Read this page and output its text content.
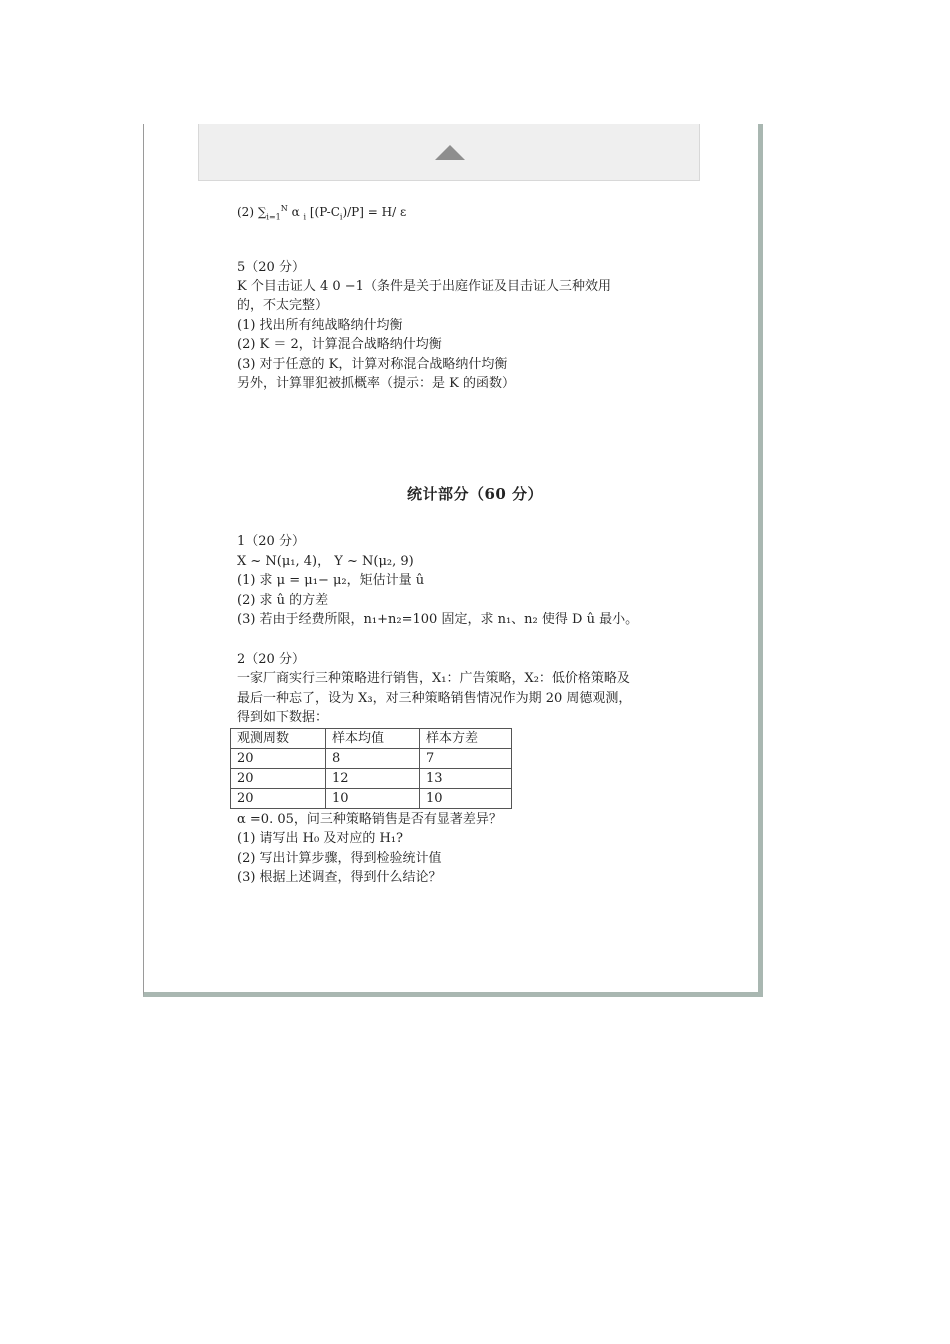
(2) $\sum_{i=1}^N$ α $_i$ $[(P-C_i)/P] = H/$ ε
5（20 分）
K 个目击证人 4 0 −1（条件是关于出庭作证及目击证人三种效用
的，不太完整）
(1) 找出所有纯战略纳什均衡
(2) K ＝ 2，计算混合战略纳什均衡
(3) 对于任意的 K，计算对称混合战略纳什均衡
另外，计算罪犯被抓概率（提示：是 K 的函数）
统计部分（60 分）
1（20 分）
X ~ N(μ₁, 4)， Y ~ N(μ₂, 9)
(1) 求 μ = μ₁− μ₂，矩估计量 û
(2) 求 û 的方差
(3) 若由于经费所限，n₁+n₂=100 固定，求 n₁、n₂ 使得 D û 最小。
2（20 分）
一家厂商实行三种策略进行销售，X₁：广告策略，X₂：低价格策略及
最后一种忘了，设为 X₃，对三种策略销售情况作为期 20 周德观测，
得到如下数据：
观测周数	样本均值	样本方差
20	8	7
20	12	13
20	10	10
α =0. 05，问三种策略销售是否有显著差异？
(1) 请写出 H₀ 及对应的 H₁?
(2) 写出计算步骤，得到检验统计值
(3) 根据上述调查，得到什么结论？
